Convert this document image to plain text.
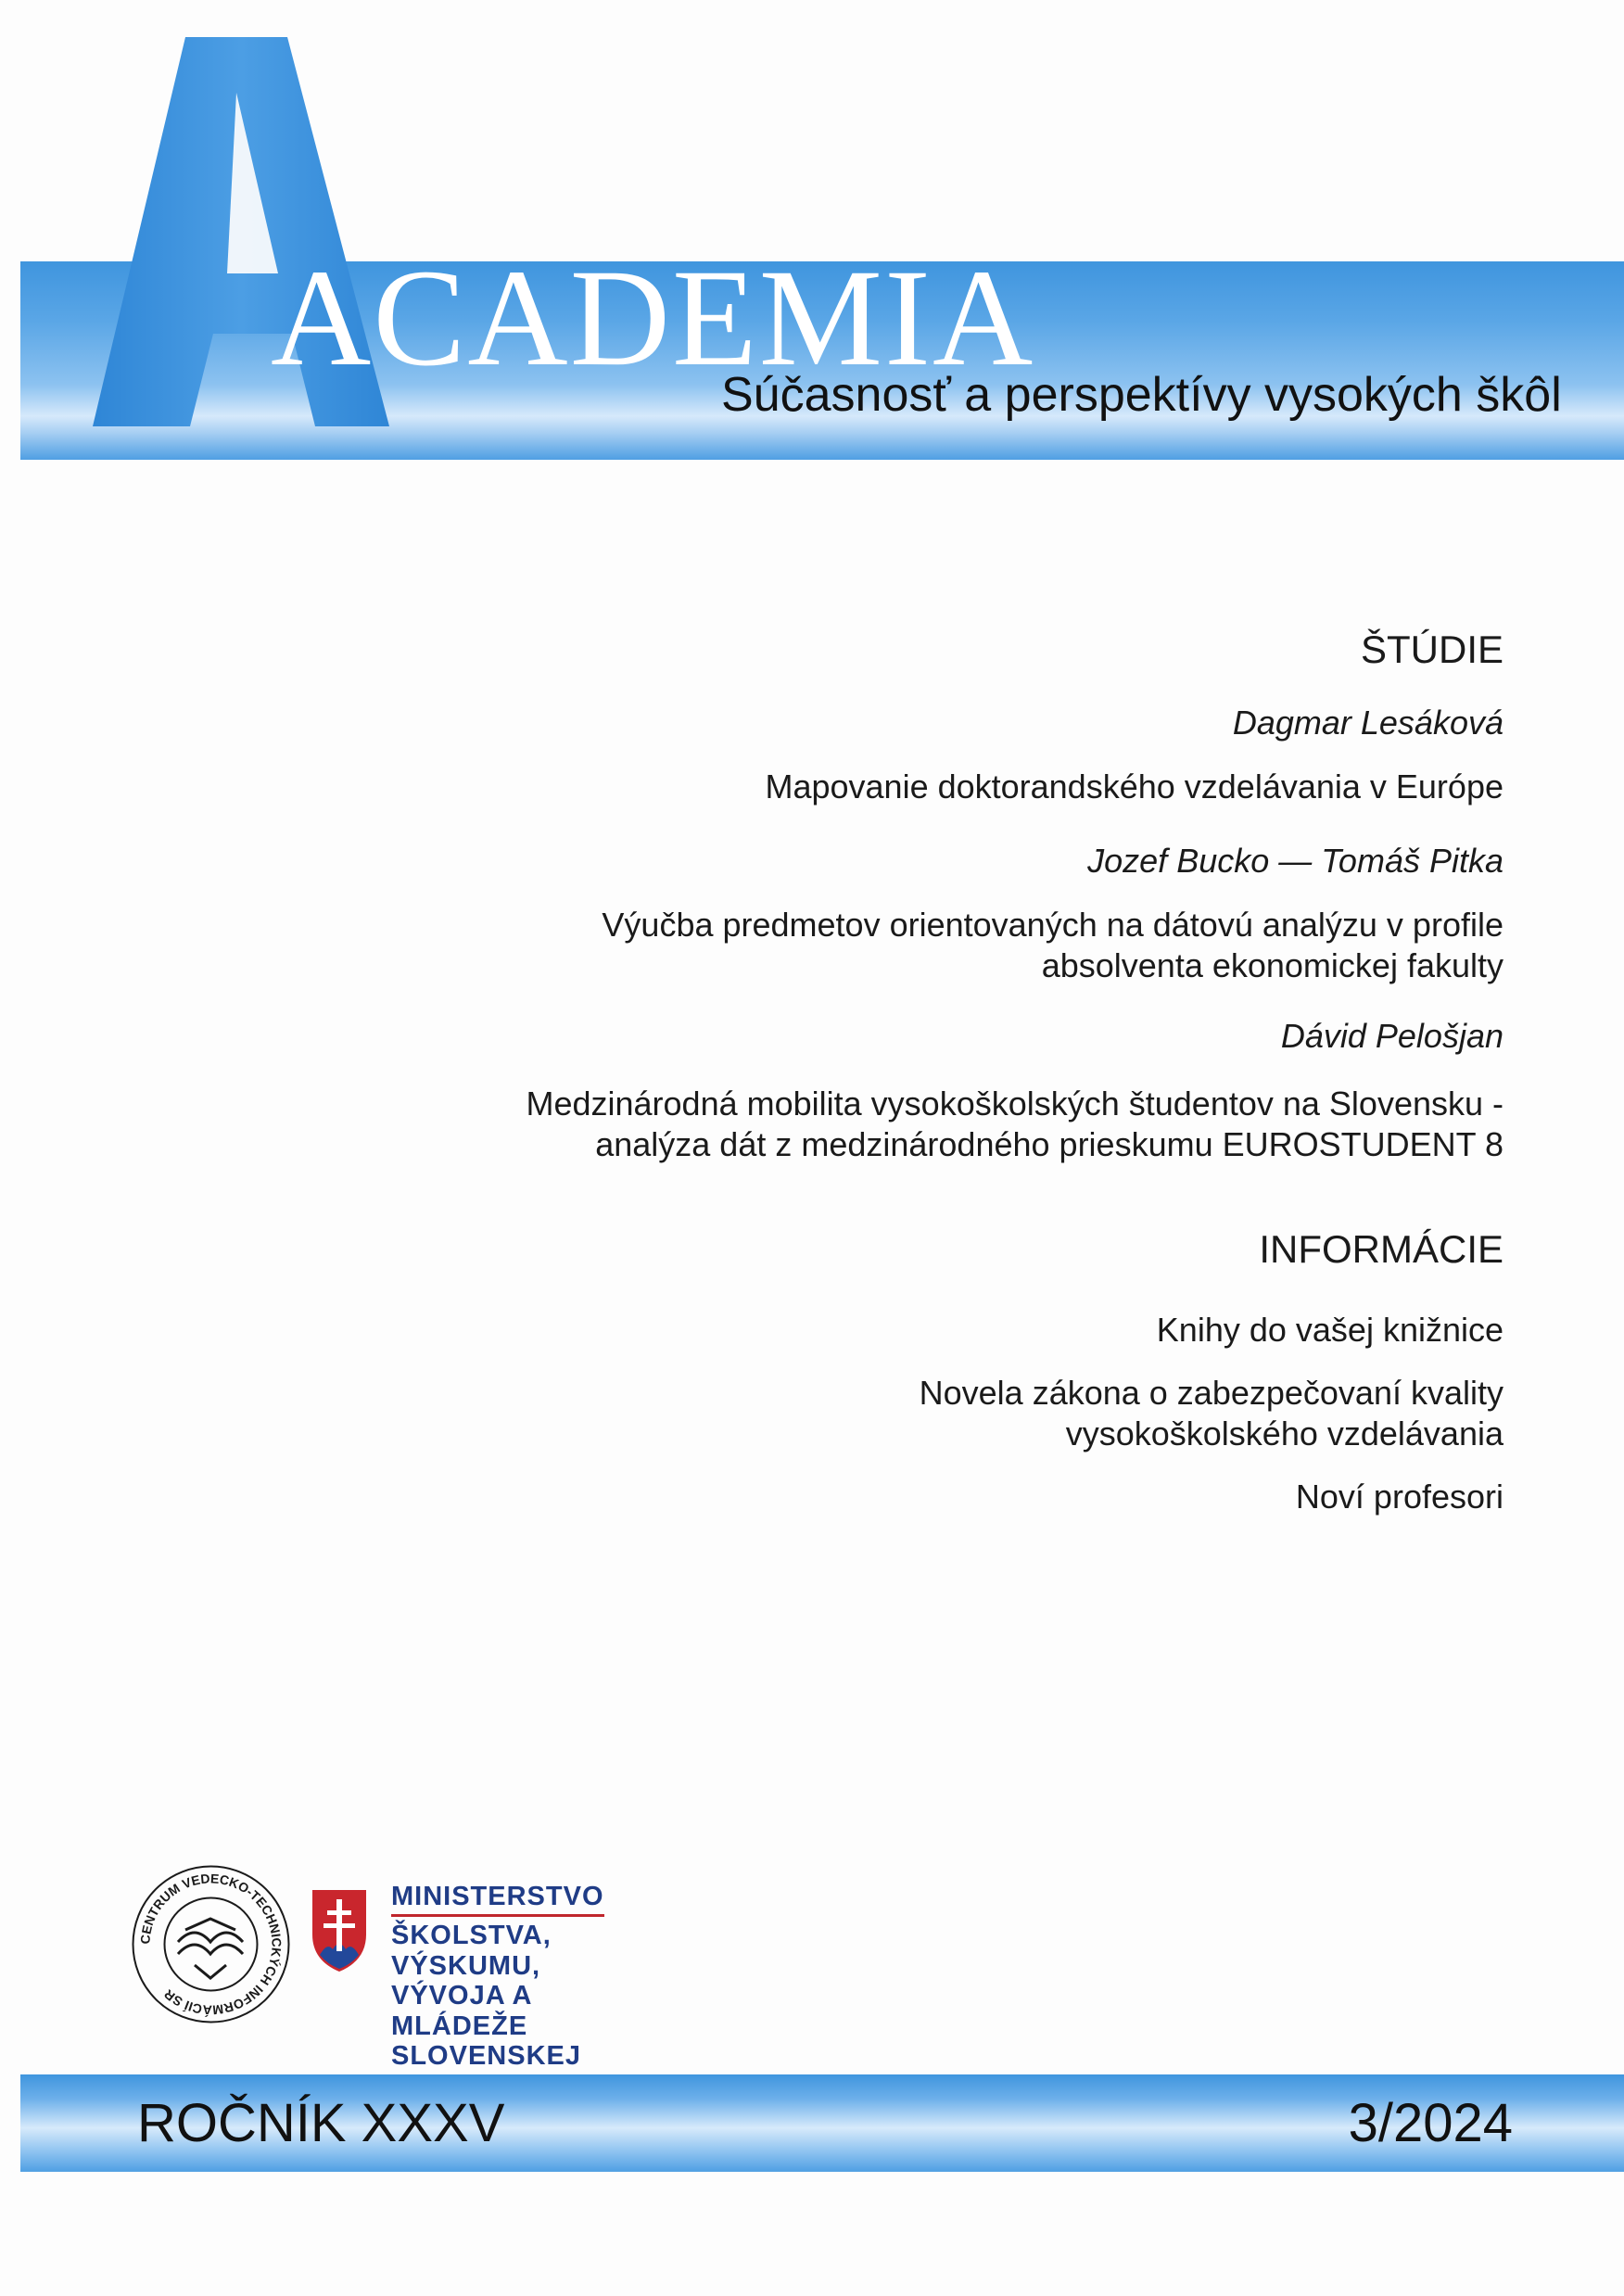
ACADEMIA
Súčasnosť a perspektívy vysokých škôl

ŠTÚDIE

Dagmar Lesáková

Mapovanie doktorandského vzdelávania v Európe

Jozef Bucko — Tomáš Pitka

Výučba predmetov orientovaných na dátovú analýzu v profile

absolventa ekonomickej fakulty

Dávid Pelošjan

Medzinárodná mobilita vysokoškolských študentov na Slovensku -

analýza dát z medzinárodného prieskumu EUROSTUDENT 8

INFORMÁCIE

Knihy do vašej knižnice

Novela zákona o zabezpečovaní kvality

vysokoškolského vzdelávania

Noví profesori

CENTRUM VEDECKO-TECHNICKÝCH INFORMÁCIÍ SR
MINISTERSTVO
ŠKOLSTVA, VÝSKUMU,
VÝVOJA A MLÁDEŽE
SLOVENSKEJ
ROČNÍK XXXV	3/2024
